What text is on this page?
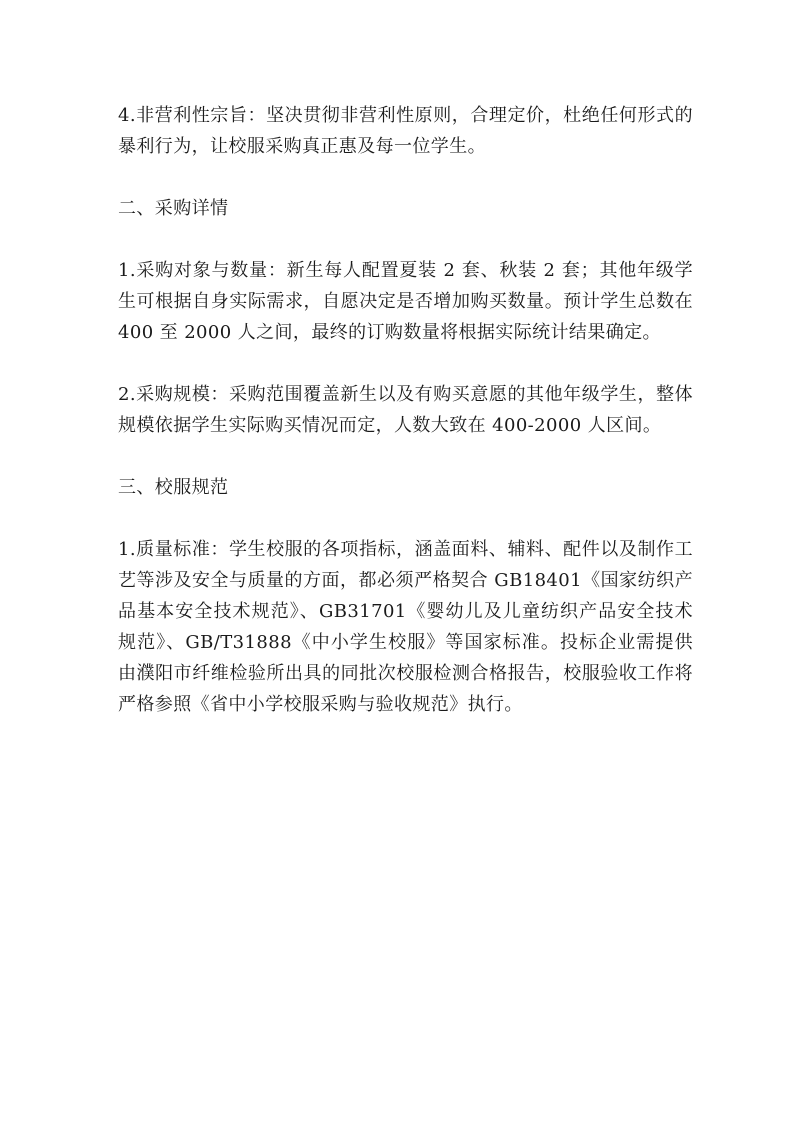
4.非营利性宗旨：坚决贯彻非营利性原则，合理定价，杜绝任何形式的暴利行为，让校服采购真正惠及每一位学生。

二、采购详情

1.采购对象与数量：新生每人配置夏装 2 套、秋装 2 套；其他年级学生可根据自身实际需求，自愿决定是否增加购买数量。预计学生总数在 400 至 2000 人之间，最终的订购数量将根据实际统计结果确定。

2.采购规模：采购范围覆盖新生以及有购买意愿的其他年级学生，整体规模依据学生实际购买情况而定，人数大致在 400-2000 人区间。

三、校服规范

1.质量标准：学生校服的各项指标，涵盖面料、辅料、配件以及制作工艺等涉及安全与质量的方面，都必须严格契合 GB18401《国家纺织产品基本安全技术规范》、GB31701《婴幼儿及儿童纺织产品安全技术规范》、GB/T31888《中小学生校服》等国家标准。投标企业需提供由濮阳市纤维检验所出具的同批次校服检测合格报告，校服验收工作将严格参照《省中小学校服采购与验收规范》执行。
